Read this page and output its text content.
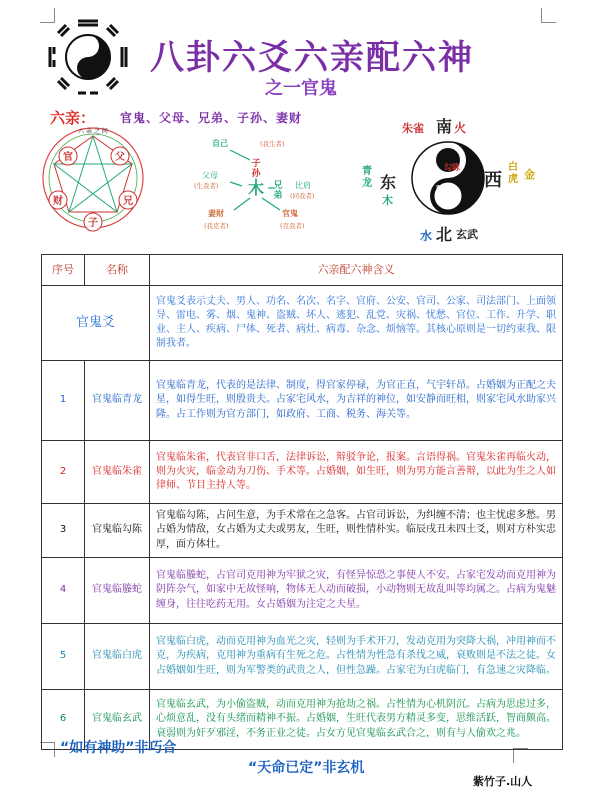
八卦六爻六亲配六神
之一官鬼
六亲： 官鬼、父母、兄弟、子孙、妻财
六 亲 之 间
官	父
兄
子
财
自己	(我生者)
父母
(生我者)	比肩
(同我者)
妻财
(我克者)
官鬼
(克我者)
子
孙
木 兄
弟
南 火
朱雀
东
木
青
龙	西
白
虎 金
北
水 玄武
勾陈
螣蛇
序号	名称	六亲配六神含义
官鬼爻		官鬼爻表示丈夫、男人、功名、名次、名字、官府、公安、官司、公家、司法部门、上面领导、雷电、雾、烟、鬼神、盗贼、坏人、逃犯、乱党、灾祸、忧愁、官位、工作、升学、职业、主人、疾病、尸体、死者、病灶、病毒、杂念、烦恼等。其核心原则是一切约束我、限制我者。
1	官鬼临青龙	官鬼临青龙，代表的是法律、制度，得官家停禄，为官正直，气宇轩昂。占婚姻为正配之夫星，如得生旺，则殷贵夫。占家宅风水，为吉祥的神位，如安静而旺相，则家宅风水助家兴隆。占工作则为官方部门，如政府、工商、税务、海关等。
2	官鬼临朱雀	官鬼临朱雀，代表官非口舌，法律诉讼，辩驳争论，报案。言语得祸。官鬼朱雀再临火动，则为火灾，临金动为刀伤、手术等。占婚姻，如生旺，则为男方能言善辩，以此为生之人如律师、节目主持人等。
3	官鬼临勾陈	官鬼临勾陈，占问生意，为手术常在之急客。占官司诉讼，为纠缠不清；也主忧虑多愁。男占婚为情敌，女占婚为丈夫或男友，生旺，则性情朴实。临辰戌丑未四土爻，则对方朴实忠厚，面方体壮。
4	官鬼临螣蛇	官鬼临螣蛇，占官司克用神为牢狱之灾，有怪异惊恐之事使人不安。占家宅发动而克用神为阴阵杂气，如家中无故怪响，物体无人动而破损，小动物则无故乱叫等均属之。占病为鬼魅缠身，往往吃药无用。女占婚姻为注定之夫星。
5	官鬼临白虎	官鬼临白虎，动而克用神为血光之灾，轻则为手术开刀，发动克用为突降大祸，冲用神而不克，为疾病，克用神为重病有生死之危。占性情为性急有杀伐之威，衰败则是不法之徒。女占婚姻如生旺，则为军警类的武贵之人，但性急躁。占家宅为白虎临门，有急速之灾降临。
6	官鬼临玄武	官鬼临玄武，为小偷盗贼，动而克用神为抢劫之祸。占性情为心机阴沉。占病为思虑过多，心烦意乱，没有头绪而精神不振。占婚姻，生旺代表男方精灵多变，思维活跃，智商颇高。衰弱则为奸歹邪淫，不务正业之徒。占女方见官鬼临玄武合之，则有与人偷欢之兆。
“如有神助”非巧合
“天命已定”非玄机
紫竹子.山人
